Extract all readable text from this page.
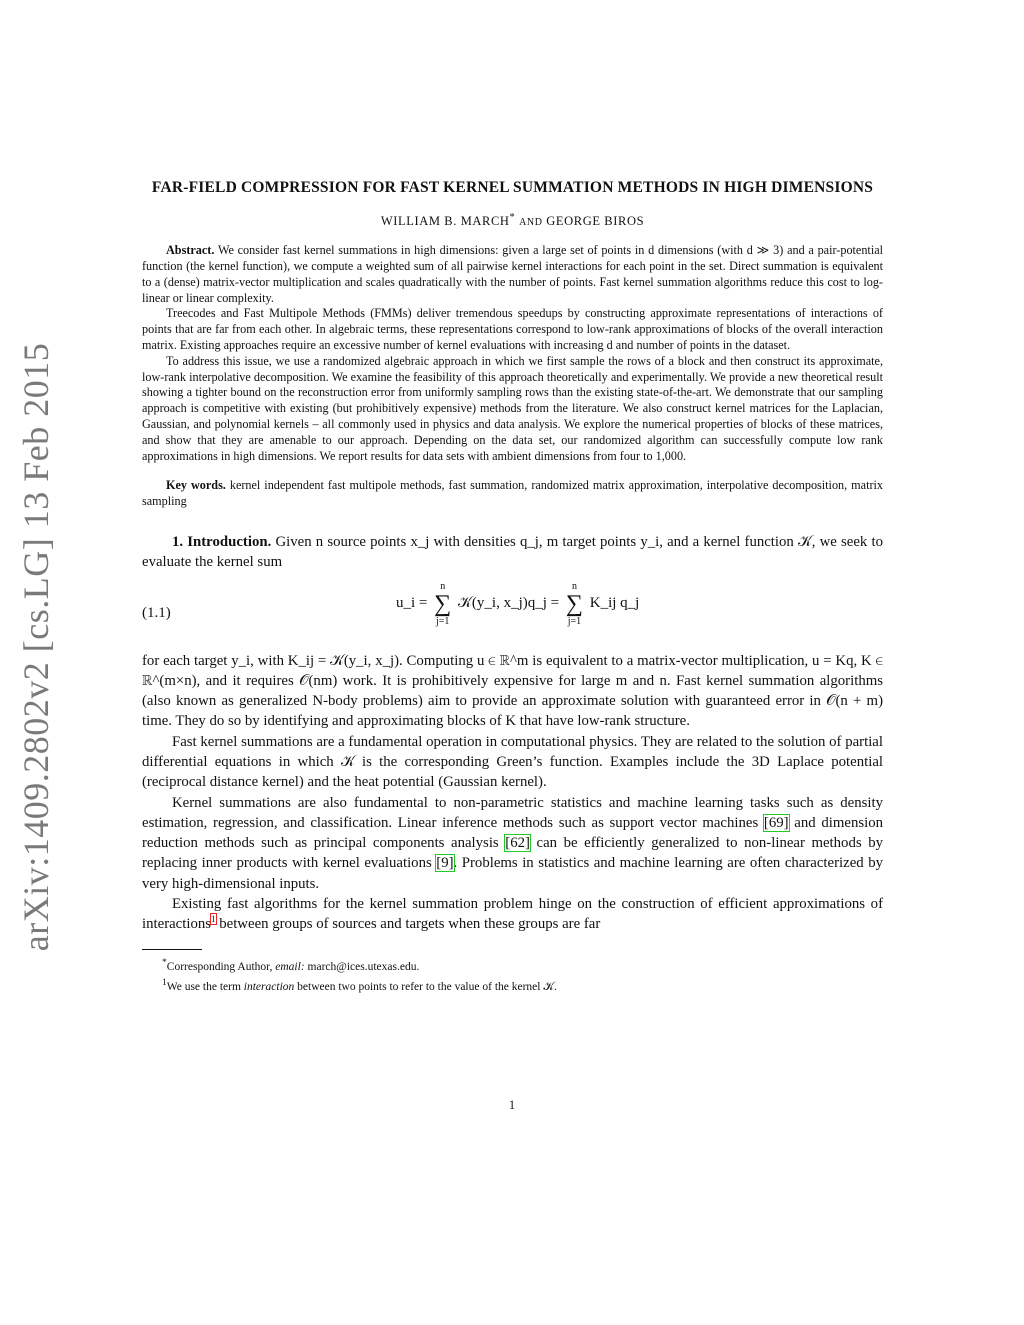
arXiv:1409.2802v2 [cs.LG] 13 Feb 2015
FAR-FIELD COMPRESSION FOR FAST KERNEL SUMMATION METHODS IN HIGH DIMENSIONS
WILLIAM B. MARCH* AND GEORGE BIROS

Abstract. We consider fast kernel summations in high dimensions: given a large set of points in d dimensions (with d ≫ 3) and a pair-potential function (the kernel function), we compute a weighted sum of all pairwise kernel interactions for each point in the set. Direct summation is equivalent to a (dense) matrix-vector multiplication and scales quadratically with the number of points. Fast kernel summation algorithms reduce this cost to log-linear or linear complexity.

Treecodes and Fast Multipole Methods (FMMs) deliver tremendous speedups by constructing approximate representations of interactions of points that are far from each other. In algebraic terms, these representations correspond to low-rank approximations of blocks of the overall interaction matrix. Existing approaches require an excessive number of kernel evaluations with increasing d and number of points in the dataset.

To address this issue, we use a randomized algebraic approach in which we first sample the rows of a block and then construct its approximate, low-rank interpolative decomposition. We examine the feasibility of this approach theoretically and experimentally. We provide a new theoretical result showing a tighter bound on the reconstruction error from uniformly sampling rows than the existing state-of-the-art. We demonstrate that our sampling approach is competitive with existing (but prohibitively expensive) methods from the literature. We also construct kernel matrices for the Laplacian, Gaussian, and polynomial kernels – all commonly used in physics and data analysis. We explore the numerical properties of blocks of these matrices, and show that they are amenable to our approach. Depending on the data set, our randomized algorithm can successfully compute low rank approximations in high dimensions. We report results for data sets with ambient dimensions from four to 1,000.

Key words. kernel independent fast multipole methods, fast summation, randomized matrix approximation, interpolative decomposition, matrix sampling

1. Introduction. Given n source points x_j with densities q_j, m target points y_i, and a kernel function 𝒦, we seek to evaluate the kernel sum

(1.1)
u_i =
n
∑
j=1
𝒦(y_i, x_j)q_j =
n
∑
j=1
K_ij q_j

for each target y_i, with K_ij = 𝒦(y_i, x_j). Computing u ∈ ℝ^m is equivalent to a matrix-vector multiplication, u = Kq, K ∈ ℝ^(m×n), and it requires 𝒪(nm) work. It is prohibitively expensive for large m and n. Fast kernel summation algorithms (also known as generalized N-body problems) aim to provide an approximate solution with guaranteed error in 𝒪(n + m) time. They do so by identifying and approximating blocks of K that have low-rank structure.

Fast kernel summations are a fundamental operation in computational physics. They are related to the solution of partial differential equations in which 𝒦 is the corresponding Green’s function. Examples include the 3D Laplace potential (reciprocal distance kernel) and the heat potential (Gaussian kernel).

Kernel summations are also fundamental to non-parametric statistics and machine learning tasks such as density estimation, regression, and classification. Linear inference methods such as support vector machines [69] and dimension reduction methods such as principal components analysis [62] can be efficiently generalized to non-linear methods by replacing inner products with kernel evaluations [9]. Problems in statistics and machine learning are often characterized by very high-dimensional inputs.

Existing fast algorithms for the kernel summation problem hinge on the construction of efficient approximations of interactions$^1$ between groups of sources and targets when these groups are far

*Corresponding Author, email: march@ices.utexas.edu.
$^1$We use the term interaction between two points to refer to the value of the kernel 𝒦.
1
